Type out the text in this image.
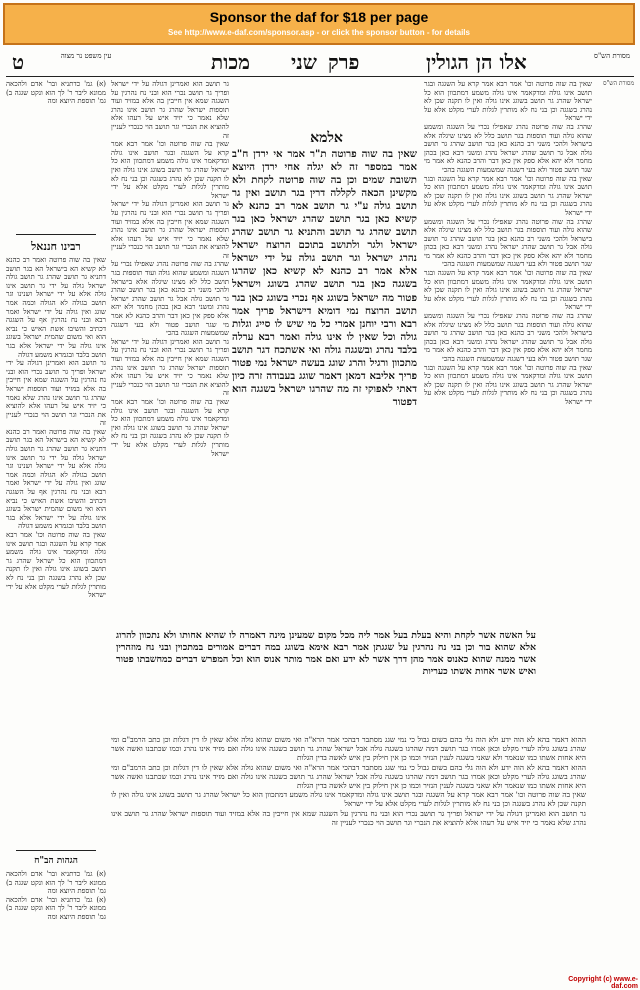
Sponsor the daf for $18 per page
See http://www.e-daf.com/sponsor.asp - or click the sponsor button - for details
מסורת הש"ס
אלו הן הגולין
פרק
שני
מכות
עין משפט נר מצוה
ט
מסורת הש"ס
שאין בה שוה פרוטה וכו' אמר רבא אמר קרא על השגגה ובגר תושב אינו גולה ומדקאמר אינו גולה משמע דמתכוון הוא כל ישראל שהרג גר תושב בשוגג אינו גולה ואין לו תקנה שכן לא נהרג בשגגה וכן בני נח לא מותרין לגלות לערי מקלט אלא על ידי ישראל
שהרג בה שוה פרוטה נהרג שאפילו נכרי על השגגה ומשמע שהוא גולה ועוד תוספות בגר תושב כלל לא מצינו שיגלה אלא בישראל ולהכי משני רב כהנא כאן בגר תושב שהרג גר תושב גולה אבל גר תושב שהרג ישראל נהרג ומשני רבא כאן בכהן מחמר ולא יהא אלא ספק אין כאן דבר והרב כהנא לא אמר מי שגר תושב פטור ולא בעי דשגגה שמשמעות השגגה בהכי
שאין בה שוה פרוטה וכו' אמר רבא אמר קרא על השגגה ובגר תושב אינו גולה ומדקאמר אינו גולה משמע דמתכוון הוא כל ישראל שהרג גר תושב בשוגג אינו גולה ואין לו תקנה שכן לא נהרג בשגגה וכן בני נח לא מותרין לגלות לערי מקלט אלא על ידי ישראל
שהרג בה שוה פרוטה נהרג שאפילו נכרי על השגגה ומשמע שהוא גולה ועוד תוספות בגר תושב כלל לא מצינו שיגלה אלא בישראל ולהכי משני רב כהנא כאן בגר תושב שהרג גר תושב גולה אבל גר תושב שהרג ישראל נהרג ומשני רבא כאן בכהן מחמר ולא יהא אלא ספק אין כאן דבר והרב כהנא לא אמר מי שגר תושב פטור ולא בעי דשגגה שמשמעות השגגה בהכי
שאין בה שוה פרוטה וכו' אמר רבא אמר קרא על השגגה ובגר תושב אינו גולה ומדקאמר אינו גולה משמע דמתכוון הוא כל ישראל שהרג גר תושב בשוגג אינו גולה ואין לו תקנה שכן לא נהרג בשגגה וכן בני נח לא מותרין לגלות לערי מקלט אלא על ידי ישראל
שהרג בה שוה פרוטה נהרג שאפילו נכרי על השגגה ומשמע שהוא גולה ועוד תוספות בגר תושב כלל לא מצינו שיגלה אלא בישראל ולהכי משני רב כהנא כאן בגר תושב שהרג גר תושב גולה אבל גר תושב שהרג ישראל נהרג ומשני רבא כאן בכהן מחמר ולא יהא אלא ספק אין כאן דבר והרב כהנא לא אמר מי שגר תושב פטור ולא בעי דשגגה שמשמעות השגגה בהכי
שאין בה שוה פרוטה וכו' אמר רבא אמר קרא על השגגה ובגר תושב אינו גולה ומדקאמר אינו גולה משמע דמתכוון הוא כל ישראל שהרג גר תושב בשוגג אינו גולה ואין לו תקנה שכן לא נהרג בשגגה וכן בני נח לא מותרין לגלות לערי מקלט אלא על ידי ישראל
אלמא
שאין בה שוה פרוטה ת"ר אמר אי ירדן ח"ב אמר במספר זה לא יגלה אחי ירדן היוצא תשובת שמים וכן בה שוה פרוטה לקחת ולא מקשינן הכאה לקללה דרין בגר תושב ואין גר תושב גולה ע"י גר תושב אמר רב כהנא לא קשיא כאן בגר תושב שהרג ישראל כאן בגר תושב שהרג גר תושב והתניא גר תושב שהרג ישראל ולגר ולתושב בתוכם הרוצח ישראל נהרג ישראל וגר תושב גולה על ידי ישראל אלא אמר רב כהנא לא קשיא כאן שהרגו בשגגה כאן בגר תושב שהרג בשוגג וישראל פטור מה ישראל בשוגג אף נכרי בשוגג כאן בגר תושב הרוצח נמי דומיא דישראל פריך אמר רבא ורבי יוחנן אמרי כל מי שיש לו סייג וגלות גולה וכל שאין לו אינו גולה ואמר רבא ערלה בלבד נהרג ובשגגה גולה ואי אשתכח דגר תושב מתכוון ורגיל והרג שוגג בעשה ישראל נמי פטור פריך אליבא דמאן דאמר שוגג בעבודה זרה כיון דאתי לאפוקי זה מה שהרגו ישראל בשגגה הוא דפטור
גר תושב הוא ואמרינן דגולה על ידי ישראל ופריך גר תושב נכרי הוא ובני נח נהרגין על השגגה שמא אין חייבין בה אלא במזיד ועוד תוספות ישראל שהרג גר תושב אינו נהרג שלא נאמר כי יזיד איש על רעהו אלא להוציא את הנכרי וגר תושב הוי כנכרי לעניין זה
שאין בה שוה פרוטה וכו' אמר רבא אמר קרא על השגגה ובגר תושב אינו גולה ומדקאמר אינו גולה משמע דמתכוון הוא כל ישראל שהרג גר תושב בשוגג אינו גולה ואין לו תקנה שכן לא נהרג בשגגה וכן בני נח לא מותרין לגלות לערי מקלט אלא על ידי ישראל
גר תושב הוא ואמרינן דגולה על ידי ישראל ופריך גר תושב נכרי הוא ובני נח נהרגין על השגגה שמא אין חייבין בה אלא במזיד ועוד תוספות ישראל שהרג גר תושב אינו נהרג שלא נאמר כי יזיד איש על רעהו אלא להוציא את הנכרי וגר תושב הוי כנכרי לעניין זה
שהרג בה שוה פרוטה נהרג שאפילו נכרי על השגגה ומשמע שהוא גולה ועוד תוספות בגר תושב כלל לא מצינו שיגלה אלא בישראל ולהכי משני רב כהנא כאן בגר תושב שהרג גר תושב גולה אבל גר תושב שהרג ישראל נהרג ומשני רבא כאן בכהן מחמר ולא יהא אלא ספק אין כאן דבר והרב כהנא לא אמר מי שגר תושב פטור ולא בעי דשגגה שמשמעות השגגה בהכי
גר תושב הוא ואמרינן דגולה על ידי ישראל ופריך גר תושב נכרי הוא ובני נח נהרגין על השגגה שמא אין חייבין בה אלא במזיד ועוד תוספות ישראל שהרג גר תושב אינו נהרג שלא נאמר כי יזיד איש על רעהו אלא להוציא את הנכרי וגר תושב הוי כנכרי לעניין זה
שאין בה שוה פרוטה וכו' אמר רבא אמר קרא על השגגה ובגר תושב אינו גולה ומדקאמר אינו גולה משמע דמתכוון הוא כל ישראל שהרג גר תושב בשוגג אינו גולה ואין לו תקנה שכן לא נהרג בשגגה וכן בני נח לא מותרין לגלות לערי מקלט אלא על ידי ישראל
(א) גמ' כדתניא ובר' אדם ולהכאה ממונא ליבר ר' לך הוא ונקט שגגה ב) גמ' תוספת היוצא ומה
רבינו חננאל
שאין בה שוה פרוטה ואמר רב כהנא לא קשיא הא בישראל הא בגר תושב דתניא גר תושב שהרג גר תושב גולה ישראל גולה על ידי גר תושב אינו גולה אלא על ידי ישראל ושנינו וגר תושב בגולה לא הגולה וכמה אמר שוגג ואין גולה על ידי ישראל ואמר רבא ובני נח נהרגין אף על השגגה דכתיב והשיבו אשת האיש כי נביא הוא ואי משום שהמית ישראל בשוגג אינו גולה על ידי ישראל אלא בגר תושב בלבד ובגמרא משמע דגולה
גר תושב הוא ואמרינן דגולה על ידי ישראל ופריך גר תושב נכרי הוא ובני נח נהרגין על השגגה שמא אין חייבין בה אלא במזיד ועוד תוספות ישראל שהרג גר תושב אינו נהרג שלא נאמר כי יזיד איש על רעהו אלא להוציא את הנכרי וגר תושב הוי כנכרי לעניין זה
שאין בה שוה פרוטה ואמר רב כהנא לא קשיא הא בישראל הא בגר תושב דתניא גר תושב שהרג גר תושב גולה ישראל גולה על ידי גר תושב אינו גולה אלא על ידי ישראל ושנינו וגר תושב בגולה לא הגולה וכמה אמר שוגג ואין גולה על ידי ישראל ואמר רבא ובני נח נהרגין אף על השגגה דכתיב והשיבו אשת האיש כי נביא הוא ואי משום שהמית ישראל בשוגג אינו גולה על ידי ישראל אלא בגר תושב בלבד ובגמרא משמע דגולה
שאין בה שוה פרוטה וכו' אמר רבא אמר קרא על השגגה ובגר תושב אינו גולה ומדקאמר אינו גולה משמע דמתכוון הוא כל ישראל שהרג גר תושב בשוגג אינו גולה ואין לו תקנה שכן לא נהרג בשגגה וכן בני נח לא מותרין לגלות לערי מקלט אלא על ידי ישראל
הגהות הב"ח
(א) גמ' כדתניא ובר' אדם ולהכאה ממונא ליבר ר' לך הוא ונקט שגגה ב) גמ' תוספת היוצא ומה
(א) גמ' כדתניא ובר' אדם ולהכאה ממונא ליבר ר' לך הוא ונקט שגגה ב) גמ' תוספת היוצא ומה
על האשה אשר לקחת והיא בעלת בעל אמר ליה מכל מקום שמעינן מינה דאמרה לו שהיא אחותו ולא נתכוון להרוג אלא שהוא בור וכן בני נח נהרגין על שגגתן אמר רבא אימא בשוגג במה דברים אמורים במתכוין ובני נח מוזהרין אשר ממנה שהוא כאנוס אמר מהן דרך אשר לא ידע ואם אמר מותר אנוס הוא וכל המפרש דברים כמחשבתו פטור ואיש אשר אחות אשתו כעריות
ההוא דאמר בהא לא הוה ידע ולא הוה גלי בהם בשום גבול כי נמי שגג מסתבר דבהכי אמר הרא"ה ואי משום שהוא גולה אלא שאין לו דין דגלות וכן כתב הרמב"ם ומי שהרג בשוגג גולה לערי מקלט וכאן אמרו בגר תושב דמה שהרגו בשגגה גולה אבל ישראל שהרג גר תושב בשגגה אינו גולה ואם מזיד אינו נהרג וכמו שכתבנו ואשה אשר היא אחות אשתו כמו שנאמר ולא שאני בשגגה לענין הנזיר וכמו כן אין חילוק בין איש לאשה בדין הגלות
ההוא דאמר בהא לא הוה ידע ולא הוה גלי בהם בשום גבול כי נמי שגג מסתבר דבהכי אמר הרא"ה ואי משום שהוא גולה אלא שאין לו דין דגלות וכן כתב הרמב"ם ומי שהרג בשוגג גולה לערי מקלט וכאן אמרו בגר תושב דמה שהרגו בשגגה גולה אבל ישראל שהרג גר תושב בשגגה אינו גולה ואם מזיד אינו נהרג וכמו שכתבנו ואשה אשר היא אחות אשתו כמו שנאמר ולא שאני בשגגה לענין הנזיר וכמו כן אין חילוק בין איש לאשה בדין הגלות
שאין בה שוה פרוטה וכו' אמר רבא אמר קרא על השגגה ובגר תושב אינו גולה ומדקאמר אינו גולה משמע דמתכוון הוא כל ישראל שהרג גר תושב בשוגג אינו גולה ואין לו תקנה שכן לא נהרג בשגגה וכן בני נח לא מותרין לגלות לערי מקלט אלא על ידי ישראל
גר תושב הוא ואמרינן דגולה על ידי ישראל ופריך גר תושב נכרי הוא ובני נח נהרגין על השגגה שמא אין חייבין בה אלא במזיד ועוד תוספות ישראל שהרג גר תושב אינו נהרג שלא נאמר כי יזיד איש על רעהו אלא להוציא את הנכרי וגר תושב הוי כנכרי לעניין זה
Copyright (c) www.e-daf.com
